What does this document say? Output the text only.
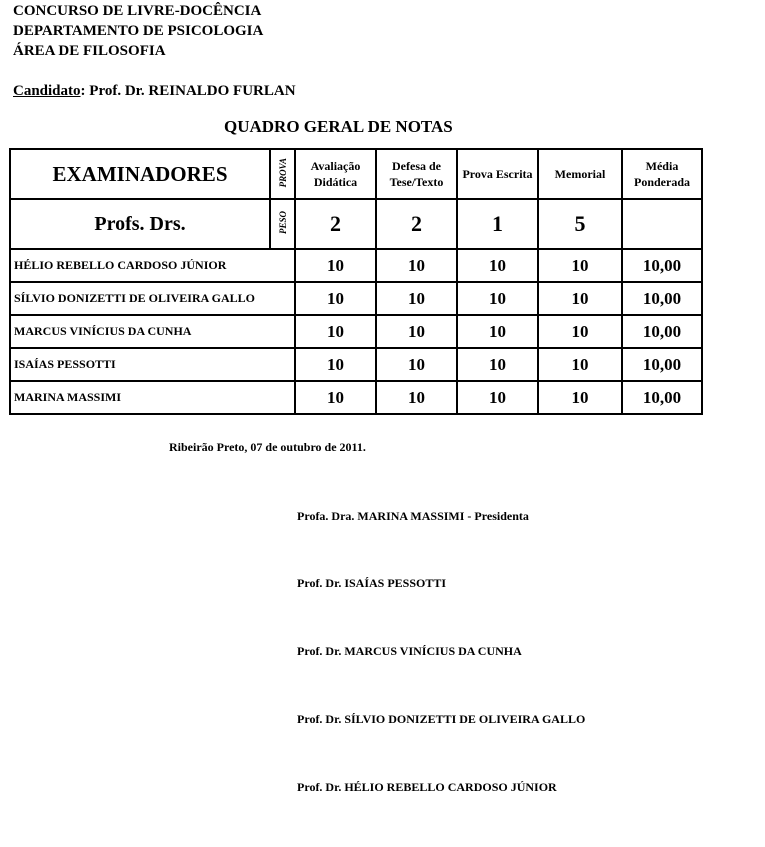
CONCURSO DE LIVRE-DOCÊNCIA
DEPARTAMENTO DE PSICOLOGIA
ÁREA DE FILOSOFIA
Candidato: Prof. Dr. REINALDO FURLAN
QUADRO GERAL DE NOTAS
EXAMINADORES	PROVA	Avaliação Didática	Defesa de Tese/Texto	Prova Escrita	Memorial	Média Ponderada
Profs. Drs.	PESO	2	2	1	5	
HÉLIO REBELLO CARDOSO JÚNIOR		10	10	10	10	10,00
SÍLVIO DONIZETTI DE OLIVEIRA GALLO		10	10	10	10	10,00
MARCUS VINÍCIUS DA CUNHA		10	10	10	10	10,00
ISAÍAS PESSOTTI		10	10	10	10	10,00
MARINA MASSIMI		10	10	10	10	10,00
Ribeirão Preto, 07 de outubro de 2011.
Profa. Dra. MARINA MASSIMI - Presidenta
Prof. Dr. ISAÍAS PESSOTTI
Prof. Dr. MARCUS VINÍCIUS DA CUNHA
Prof. Dr. SÍLVIO DONIZETTI DE OLIVEIRA GALLO
Prof. Dr. HÉLIO REBELLO CARDOSO JÚNIOR
